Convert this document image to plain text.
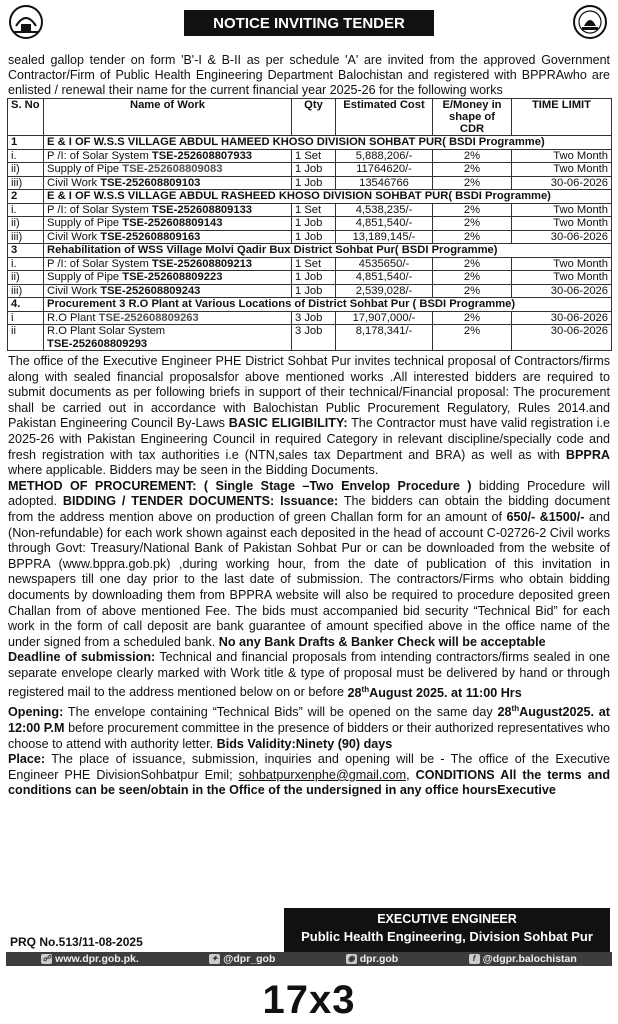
NOTICE INVITING TENDER
sealed gallop tender on form 'B'-I & B-II as per schedule 'A' are invited from the approved Government Contractor/Firm of Public Health Engineering Department Balochistan and registered with BPPRAwho are enlisted / renewal their name for the current financial year 2025-26 for the following works
S. No	Name of Work	Qty	Estimated Cost	E/Money in shape of CDR	TIME LIMIT
1	E & I OF W.S.S VILLAGE ABDUL HAMEED KHOSO DIVISION SOHBAT PUR( BSDI Programme)				
i.	P /I: of Solar System TSE-252608807933	1 Set	5,888,206/-	2%	Two Month
ii)	Supply of Pipe TSE-252608809083	1 Job	11764620/-	2%	Two Month
iii)	Civil Work TSE-252608809103	1 Job	13546766	2%	30-06-2026
2	E & I OF W.S.S VILLAGE ABDUL RASHEED KHOSO DIVISION SOHBAT PUR( BSDI Programme)				
i.	P /I: of Solar System TSE-252608809133	1 Set	4,538,235/-	2%	Two Month
ii)	Supply of Pipe TSE-252608809143	1 Job	4,851,540/-	2%	Two Month
iii)	Civil Work TSE-252608809163	1 Job	13,189,145/-	2%	30-06-2026
3	Rehabilitation of WSS Village Molvi Qadir Bux District Sohbat Pur( BSDI Programme)				
i.	P /I: of Solar System TSE-252608809213	1 Set	4535650/-	2%	Two Month
ii)	Supply of Pipe TSE-252608809223	1 Job	4,851,540/-	2%	Two Month
iii)	Civil Work TSE-252608809243	1 Job	2,539,028/-	2%	30-06-2026
4.	Procurement 3 R.O Plant at Various Locations of District Sohbat Pur ( BSDI Programme)				
i	R.O Plant TSE-252608809263	3 Job	17,907,000/-	2%	30-06-2026
ii	R.O Plant Solar System
TSE-252608809293	3 Job	8,178,341/-	2%	30-06-2026
The office of the Executive Engineer PHE District Sohbat Pur invites technical proposal of Contractors/firms along with sealed financial proposalsfor above mentioned works .All interested bidders are required to submit documents as per following briefs in support of their technical/Financial proposal: The procurement shall be carried out in accordance with Balochistan Public Procurement Regulatory, Rules 2014.and Pakistan Engineering Council By-Laws BASIC ELIGIBILITY: The Contractor must have valid registration i.e 2025-26 with Pakistan Engineering Council in required Category in relevant discipline/specially code and fresh registration with tax authorities i.e (NTN,sales tax Department and BRA) as well as with BPPRA where applicable. Bidders may be seen in the Bidding Documents.
METHOD OF PROCUREMENT: ( Single Stage –Two Envelop Procedure ) bidding Procedure will adopted. BIDDING / TENDER DOCUMENTS: Issuance: The bidders can obtain the bidding document from the address mention above on production of green Challan form for an amount of 650/- &1500/- and (Non-refundable) for each work shown against each deposited in the head of account C-02726-2 Civil works through Govt: Treasury/National Bank of Pakistan Sohbat Pur or can be downloaded from the website of BPPRA (www.bppra.gob.pk) ,during working hour, from the date of publication of this invitation in newspapers till one day prior to the last date of submission. The contractors/Firms who obtain bidding documents by downloading them from BPPRA website will also be required to procedure deposited green Challan from of above mentioned Fee. The bids must accompanied bid security “Technical Bid” for each work in the form of call deposit are bank guarantee of amount specified above in the office name of the under signed from a scheduled bank. No any Bank Drafts & Banker Check will be acceptable
Deadline of submission: Technical and financial proposals from intending contractors/firms sealed in one separate envelope clearly marked with Work title & type of proposal must be delivered by hand or through registered mail to the address mentioned below on or before 28thAugust 2025. at 11:00 Hrs
Opening: The envelope containing “Technical Bids” will be opened on the same day 28thAugust2025. at 12:00 P.M before procurement committee in the presence of bidders or their authorized representatives who choose to attend with authority letter. Bids Validity:Ninety (90) days
Place: The place of issuance, submission, inquiries and opening will be - The office of the Executive Engineer PHE DivisionSohbatpur Emil; sohbatpurxenphe@gmail.com, CONDITIONS All the terms and conditions can be seen/obtain in the Office of the undersigned in any office hoursExecutive
EXECUTIVE ENGINEER
Public Health Engineering, Division Sohbat Pur
PRQ No.513/11-08-2025
☍ www.dpr.gob.pk.	✦ @dpr_gob	◉ dpr.gob	f @dgpr.balochistan
17x3
